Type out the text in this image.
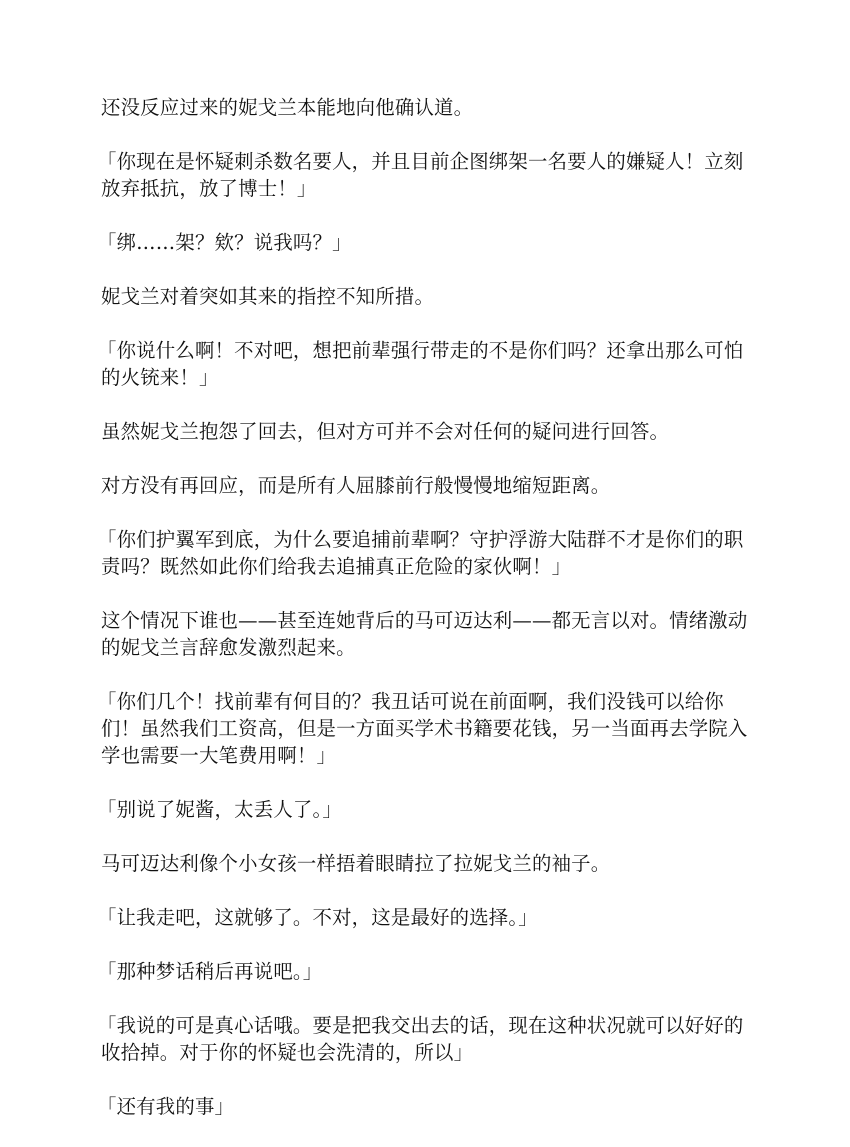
还没反应过来的妮戈兰本能地向他确认道。

「你现在是怀疑刺杀数名要人，并且目前企图绑架一名要人的嫌疑人！立刻放弃抵抗，放了博士！」

「绑……架？欸？说我吗？」

妮戈兰对着突如其来的指控不知所措。

「你说什么啊！不对吧，想把前辈强行带走的不是你们吗？还拿出那么可怕的火铳来！」

虽然妮戈兰抱怨了回去，但对方可并不会对任何的疑问进行回答。

对方没有再回应，而是所有人屈膝前行般慢慢地缩短距离。

「你们护翼军到底，为什么要追捕前辈啊？守护浮游大陆群不才是你们的职责吗？既然如此你们给我去追捕真正危险的家伙啊！」

这个情况下谁也——甚至连她背后的马可迈达利——都无言以对。情绪激动的妮戈兰言辞愈发激烈起来。

「你们几个！找前辈有何目的？我丑话可说在前面啊，我们没钱可以给你们！虽然我们工资高，但是一方面买学术书籍要花钱，另一当面再去学院入学也需要一大笔费用啊！」

「别说了妮酱，太丢人了。」

马可迈达利像个小女孩一样捂着眼睛拉了拉妮戈兰的袖子。

「让我走吧，这就够了。不对，这是最好的选择。」

「那种梦话稍后再说吧。」

「我说的可是真心话哦。要是把我交出去的话，现在这种状况就可以好好的收拾掉。对于你的怀疑也会洗清的，所以」

「还有我的事」
